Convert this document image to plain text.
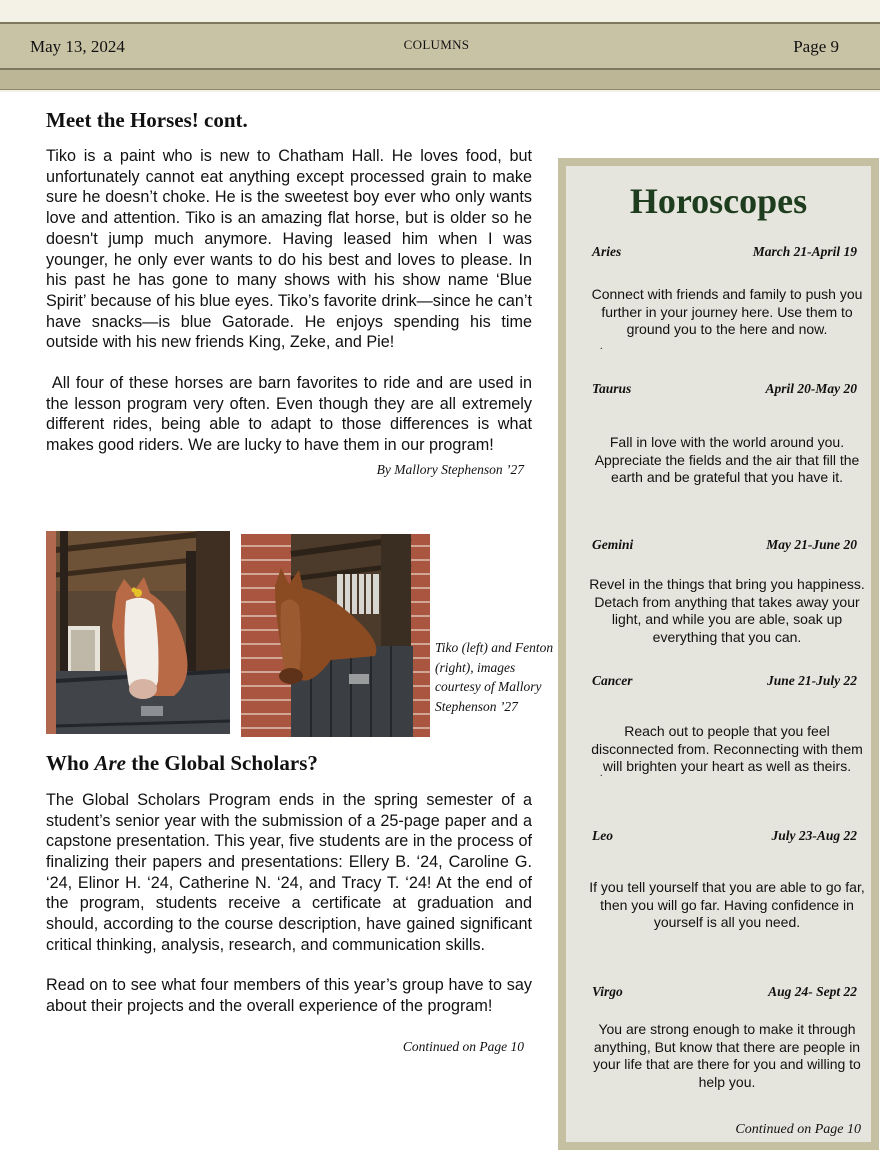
May 13, 2024	COLUMNS	Page 9
Meet the Horses! cont.

Tiko is a paint who is new to Chatham Hall. He loves food, but unfortunately cannot eat anything except processed grain to make sure he doesn’t choke. He is the sweetest boy ever who only wants love and attention. Tiko is an amazing flat horse, but is older so he doesn't jump much anymore. Having leased him when I was younger, he only ever wants to do his best and loves to please. In his past he has gone to many shows with his show name ‘Blue Spirit’ because of his blue eyes. Tiko’s favorite drink—since he can’t have snacks—is blue Gatorade. He enjoys spending his time outside with his new friends King, Zeke, and Pie!

All four of these horses are barn favorites to ride and are used in the lesson program very often. Even though they are all extremely different rides, being able to adapt to those differences is what makes good riders. We are lucky to have them in our program!

By Mallory Stephenson ’27

Who Are the Global Scholars?

The Global Scholars Program ends in the spring semester of a student’s senior year with the submission of a 25-page paper and a capstone presentation. This year, five students are in the process of finalizing their papers and presentations: Ellery B. ‘24, Caroline G. ‘24, Elinor H. ‘24, Catherine N. ‘24, and Tracy T. ‘24! At the end of the program, students receive a certificate at graduation and should, according to the course description, have gained significant critical thinking, analysis, research, and communication skills.

Read on to see what four members of this year’s group have to say about their projects and the overall experience of the program!

Continued on Page 10

Tiko (left) and Fenton (right), images courtesy of Mallory Stephenson ’27
Horoscopes
Aries	March 21-April 19
Connect with friends and family to push you further in your journey here. Use them to ground you to the here and now.
.
Taurus	April 20-May 20
Fall in love with the world around you. Appreciate the fields and the air that fill the earth and be grateful that you have it.
Gemini	May 21-June 20
Revel in the things that bring you happiness. Detach from anything that takes away your light, and while you are able, soak up everything that you can.
Cancer	June 21-July 22
Reach out to people that you feel disconnected from. Reconnecting with them will brighten your heart as well as theirs.
.
Leo	July 23-Aug 22
If you tell yourself that you are able to go far, then you will go far. Having confidence in yourself is all you need.
Virgo	Aug 24- Sept 22
You are strong enough to make it through anything, But know that there are people in your life that are there for you and willing to help you.
Continued on Page 10
